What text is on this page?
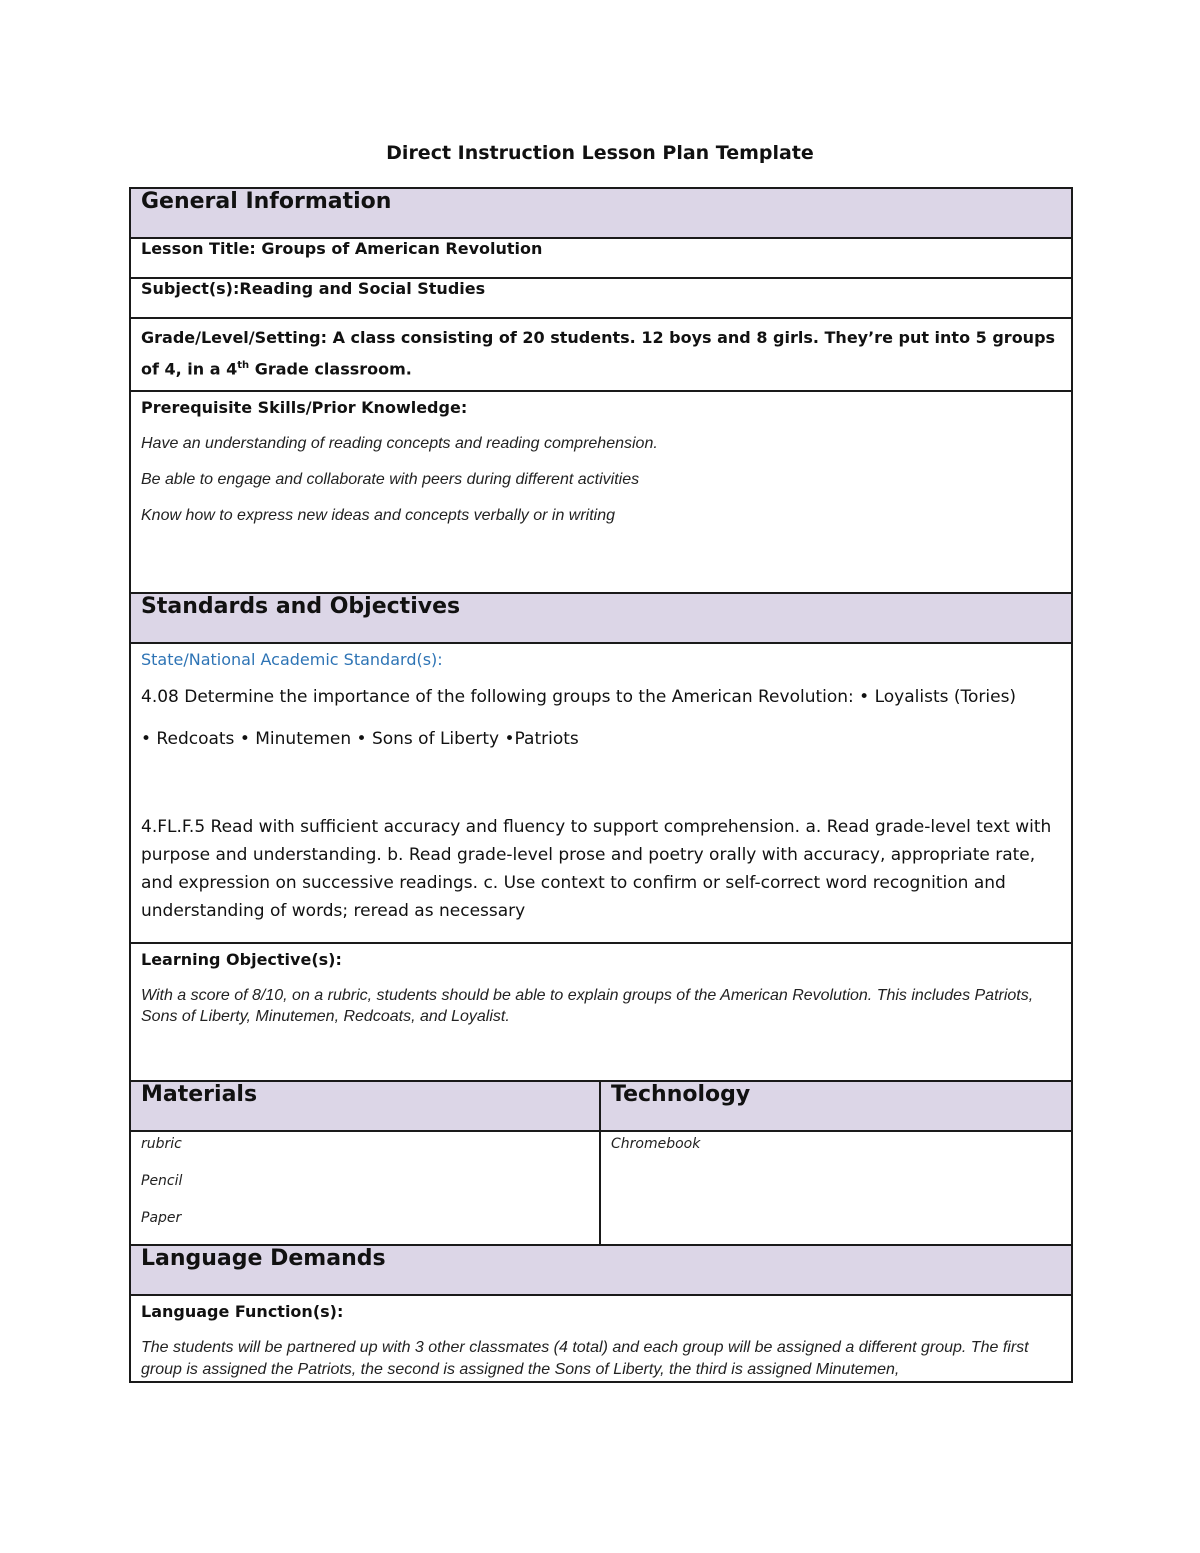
Direct Instruction Lesson Plan Template
General Information	
Lesson Title: Groups of American Revolution	
Subject(s):Reading and Social Studies	
Grade/Level/Setting: A class consisting of 20 students. 12 boys and 8 girls. They’re put into 5 groups of 4, in a 4th Grade classroom.	

Prerequisite Skills/Prior Knowledge:
Have an understanding of reading concepts and reading comprehension.
Be able to engage and collaborate with peers during different activities
Know how to express new ideas and concepts verbally or in writing	

Standards and Objectives	

State/National Academic Standard(s):
4.08 Determine the importance of the following groups to the American Revolution: • Loyalists (Tories)
• Redcoats • Minutemen • Sons of Liberty •Patriots
4.FL.F.5 Read with sufficient accuracy and fluency to support comprehension. a. Read grade-level text with purpose and understanding. b. Read grade-level prose and poetry orally with accuracy, appropriate rate, and expression on successive readings. c. Use context to confirm or self-correct word recognition and understanding of words; reread as necessary	

Learning Objective(s):
With a score of 8/10, on a rubric, students should be able to explain groups of the American Revolution. This includes Patriots, Sons of Liberty, Minutemen, Redcoats, and Loyalist.	

Materials	Technology

rubric
Pencil
Paper	Chromebook

Language Demands	

Language Function(s):
The students will be partnered up with 3 other classmates (4 total) and each group will be assigned a different group. The first group is assigned the Patriots, the second is assigned the Sons of Liberty, the third is assigned Minutemen,	
